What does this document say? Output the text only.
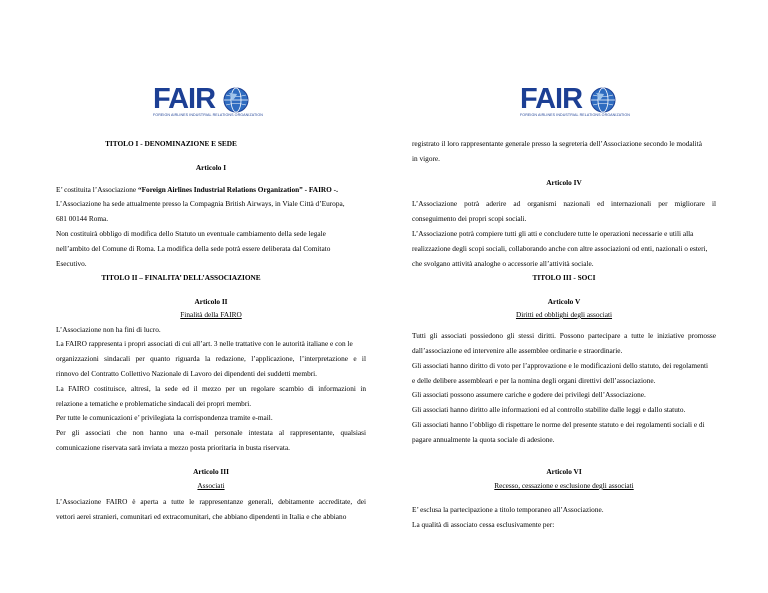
FAIR
FOREIGN AIRLINES INDUSTRIAL RELATIONS ORGANIZATION	FAIR
FOREIGN AIRLINES INDUSTRIAL RELATIONS ORGANIZATION
TITOLO I - DENOMINAZIONE E SEDE
Articolo I
E’ costituita l’Associazione “Foreign Airlines Industrial Relations Organization” - FAIRO -.
L’Associazione ha sede attualmente presso la Compagnia British Airways, in Viale Città d’Europa,
681 00144 Roma.
Non costituirà obbligo di modifica dello Statuto un eventuale cambiamento della sede legale
nell’ambito del Comune di Roma. La modifica della sede potrà essere deliberata dal Comitato
Esecutivo.
TITOLO II – FINALITA’ DELL’ASSOCIAZIONE
Articolo II
Finalità della FAIRO
L’Associazione non ha fini di lucro.
La FAIRO rappresenta i propri associati di cui all’art. 3 nelle trattative con le autorità italiane e con le
organizzazioni sindacali per quanto riguarda la redazione, l’applicazione, l’interpretazione e il
rinnovo del Contratto Collettivo Nazionale di Lavoro dei dipendenti dei suddetti membri.
La FAIRO costituisce, altresì, la sede ed il mezzo per un regolare scambio di informazioni in
relazione a tematiche e problematiche sindacali dei propri membri.
Per tutte le comunicazioni e’ privilegiata la corrispondenza tramite e-mail.
Per gli associati che non hanno una e-mail personale intestata al rappresentante, qualsiasi
comunicazione riservata sarà inviata a mezzo posta prioritaria in busta riservata.
Articolo III
Associati
L’Associazione FAIRO è aperta a tutte le rappresentanze generali, debitamente accreditate, dei
vettori aerei stranieri, comunitari ed extracomunitari, che abbiano dipendenti in Italia e che abbiano
registrato il loro rappresentante generale presso la segreteria dell’Associazione secondo le modalità
in vigore.
Articolo IV
L’Associazione potrà aderire ad organismi nazionali ed internazionali per migliorare il
conseguimento dei propri scopi sociali.
L’Associazione potrà compiere tutti gli atti e concludere tutte le operazioni necessarie e utili alla
realizzazione degli scopi sociali, collaborando anche con altre associazioni od enti, nazionali o esteri,
che svolgano attività analoghe o accessorie all’attività sociale.
TITOLO III - SOCI
Articolo V
Diritti ed obblighi degli associati
Tutti gli associati possiedono gli stessi diritti. Possono partecipare a tutte le iniziative promosse
dall’associazione ed intervenire alle assemblee ordinarie e straordinarie.
Gli associati hanno diritto di voto per l’approvazione e le modificazioni dello statuto, dei regolamenti
e delle delibere assembleari e per la nomina degli organi direttivi dell’associazione.
Gli associati possono assumere cariche e godere dei privilegi dell’Associazione.
Gli associati hanno diritto alle informazioni ed al controllo stabilite dalle leggi e dallo statuto.
Gli associati hanno l’obbligo di rispettare le norme del presente statuto e dei regolamenti sociali e di
pagare annualmente la quota sociale di adesione.
Articolo VI
Recesso, cessazione e esclusione degli associati
E’ esclusa la partecipazione a titolo temporaneo all’Associazione.
La qualità di associato cessa esclusivamente per:
